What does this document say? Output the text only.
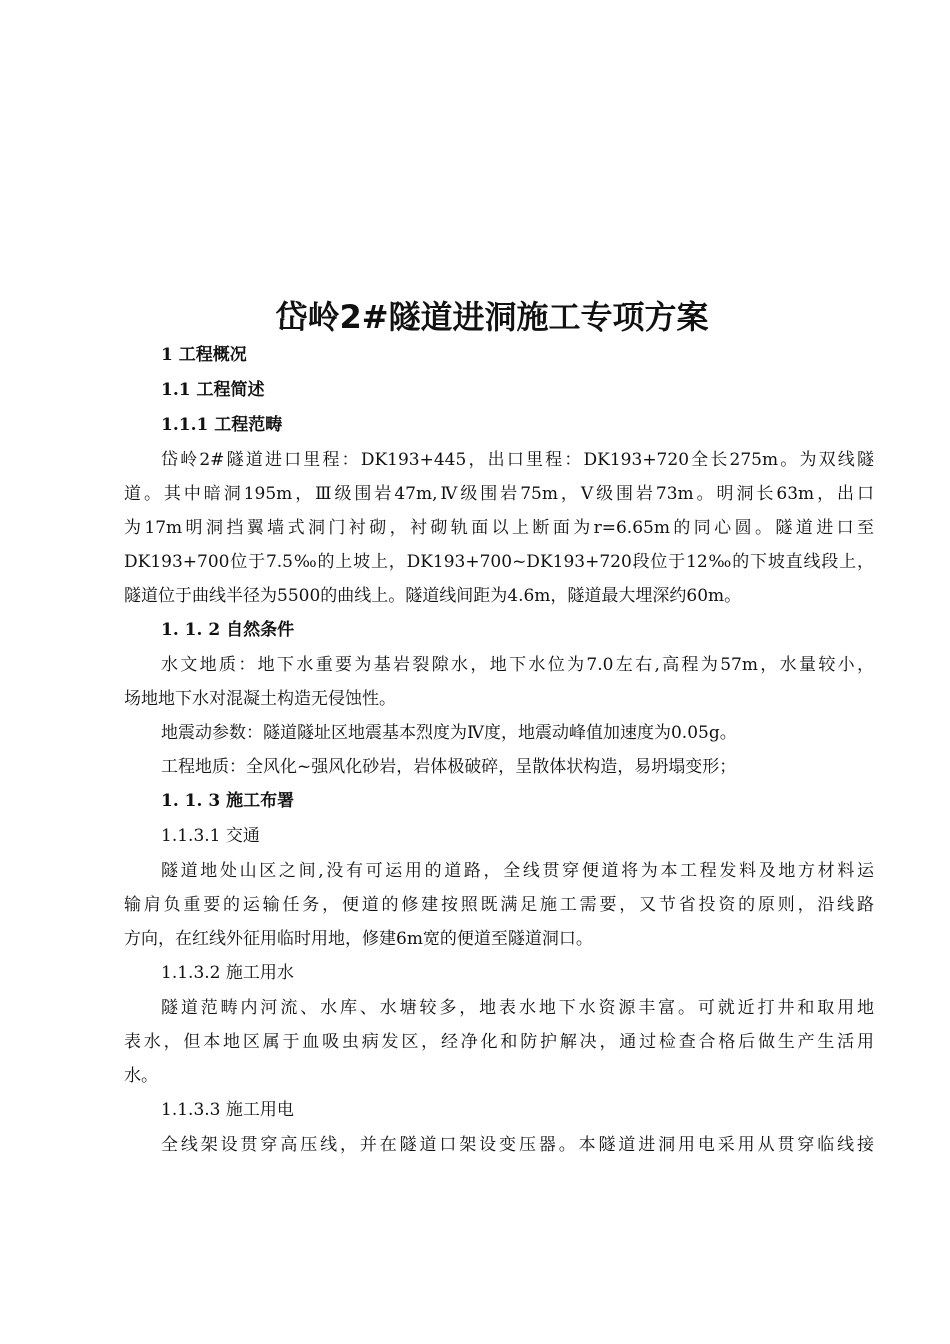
岱岭2#隧道进洞施工专项方案

1 工程概况

1.1 工程简述

1.1.1 工程范畴

岱岭2#隧道进口里程：DK193+445，出口里程：DK193+720全长275m。为双线隧
道。其中暗洞195m，Ⅲ级围岩47m,Ⅳ级围岩75m，Ⅴ级围岩73m。明洞长63m，出口
为17m明洞挡翼墙式洞门衬砌，衬砌轨面以上断面为r=6.65m的同心圆。隧道进口至
DK193+700位于7.5‰的上坡上，DK193+700~DK193+720段位于12‰的下坡直线段上，
隧道位于曲线半径为5500的曲线上。隧道线间距为4.6m，隧道最大埋深约60m。

1. 1. 2 自然条件

水文地质：地下水重要为基岩裂隙水，地下水位为7.0左右,高程为57m，水量较小，
场地地下水对混凝土构造无侵蚀性。
地震动参数：隧道隧址区地震基本烈度为Ⅳ度，地震动峰值加速度为0.05g。
工程地质：全风化~强风化砂岩，岩体极破碎，呈散体状构造，易坍塌变形；

1. 1. 3 施工布署

1.1.3.1 交通

隧道地处山区之间,没有可运用的道路，全线贯穿便道将为本工程发料及地方材料运
输肩负重要的运输任务，便道的修建按照既满足施工需要，又节省投资的原则，沿线路
方向，在红线外征用临时用地，修建6m宽的便道至隧道洞口。

1.1.3.2 施工用水

隧道范畴内河流、水库、水塘较多，地表水地下水资源丰富。可就近打井和取用地
表水，但本地区属于血吸虫病发区，经净化和防护解决，通过检查合格后做生产生活用
水。

1.1.3.3 施工用电

全线架设贯穿高压线，并在隧道口架设变压器。本隧道进洞用电采用从贯穿临线接
